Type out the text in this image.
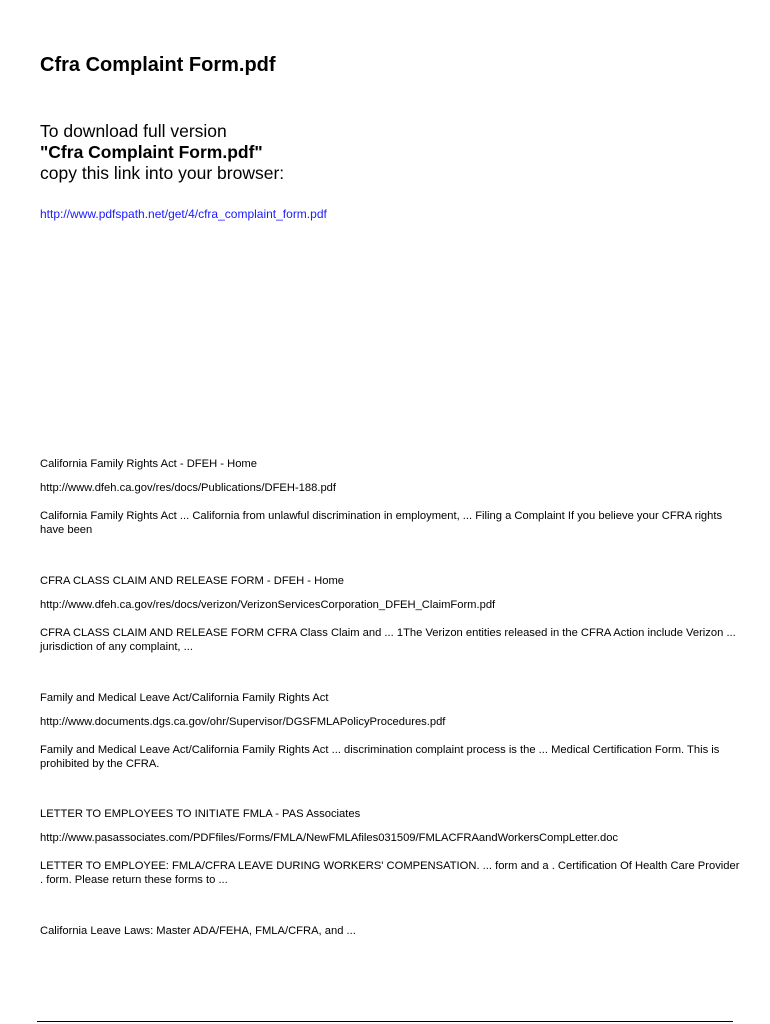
Cfra Complaint Form.pdf
To download full version
"Cfra Complaint Form.pdf"
copy this link into your browser:
http://www.pdfspath.net/get/4/cfra_complaint_form.pdf
California Family Rights Act - DFEH - Home
http://www.dfeh.ca.gov/res/docs/Publications/DFEH-188.pdf
California Family Rights Act ... California from unlawful discrimination in employment, ... Filing a Complaint If you believe your CFRA rights have been
CFRA CLASS CLAIM AND RELEASE FORM - DFEH - Home
http://www.dfeh.ca.gov/res/docs/verizon/VerizonServicesCorporation_DFEH_ClaimForm.pdf
CFRA CLASS CLAIM AND RELEASE FORM CFRA Class Claim and ... 1The Verizon entities released in the CFRA Action include Verizon ... jurisdiction of any complaint, ...
Family and Medical Leave Act/California Family Rights Act
http://www.documents.dgs.ca.gov/ohr/Supervisor/DGSFMLAPolicyProcedures.pdf
Family and Medical Leave Act/California Family Rights Act ... discrimination complaint process is the ... Medical Certification Form. This is prohibited by the CFRA.
LETTER TO EMPLOYEES TO INITIATE FMLA - PAS Associates
http://www.pasassociates.com/PDFfiles/Forms/FMLA/NewFMLAfiles031509/FMLACFRAandWorkersCompLetter.doc
LETTER TO EMPLOYEE: FMLA/CFRA LEAVE DURING WORKERS' COMPENSATION. ... form and a . Certification Of Health Care Provider . form. Please return these forms to ...
California Leave Laws: Master ADA/FEHA, FMLA/CFRA, and ...
